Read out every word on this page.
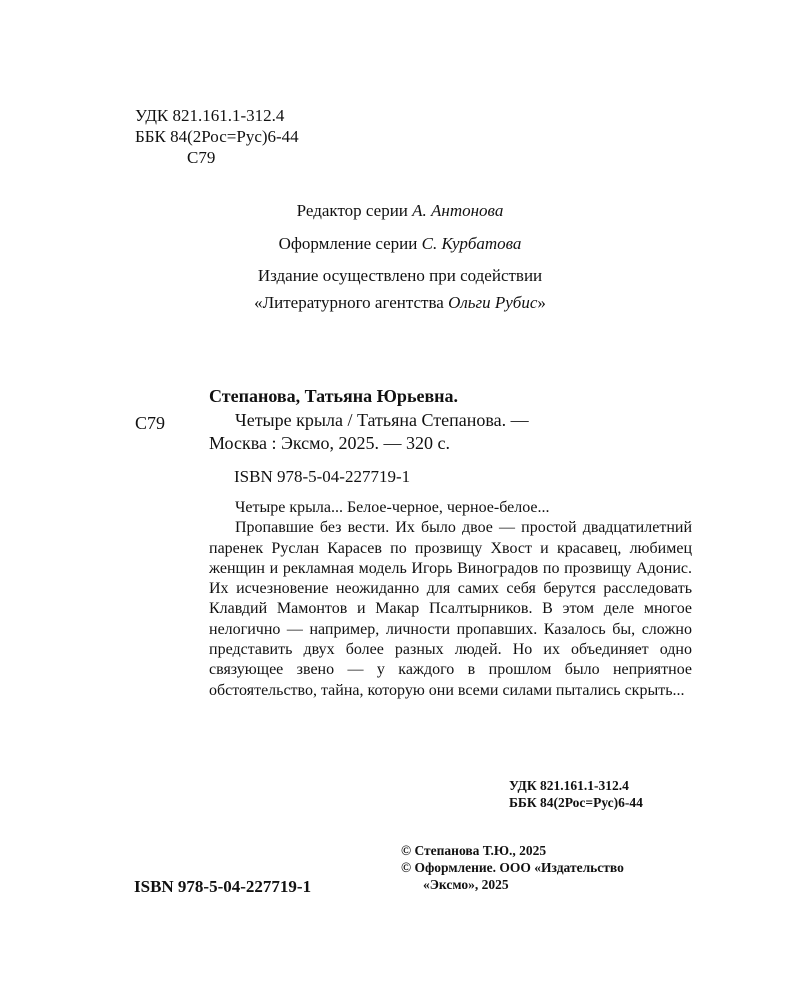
УДК 821.161.1-312.4
ББК 84(2Рос=Рус)6-44
С79
Редактор серии А. Антонова
Оформление серии С. Курбатова
Издание осуществлено при содействии
«Литературного агентства Ольги Рубис»
Степанова, Татьяна Юрьевна.
С79	Четыре крыла / Татьяна Степанова. —
Москва : Эксмо, 2025. — 320 с.
ISBN 978-5-04-227719-1

Четыре крыла... Белое-черное, черное-белое...

Пропавшие без вести. Их было двое — простой двадцатилетний паренек Руслан Карасев по прозвищу Хвост и красавец, любимец женщин и рекламная модель Игорь Виноградов по прозвищу Адонис. Их исчезновение неожиданно для самих себя берутся расследовать Клавдий Мамонтов и Макар Псалтырников. В этом деле многое нелогично — например, личности пропавших. Казалось бы, сложно представить двух более разных людей. Но их объединяет одно связующее звено — у каждого в прошлом было неприятное обстоятельство, тайна, которую они всеми силами пытались скрыть...

УДК 821.161.1-312.4
ББК 84(2Рос=Рус)6-44
© Степанова Т.Ю., 2025
© Оформление. ООО «Издательство
«Эксмо», 2025
ISBN 978-5-04-227719-1
